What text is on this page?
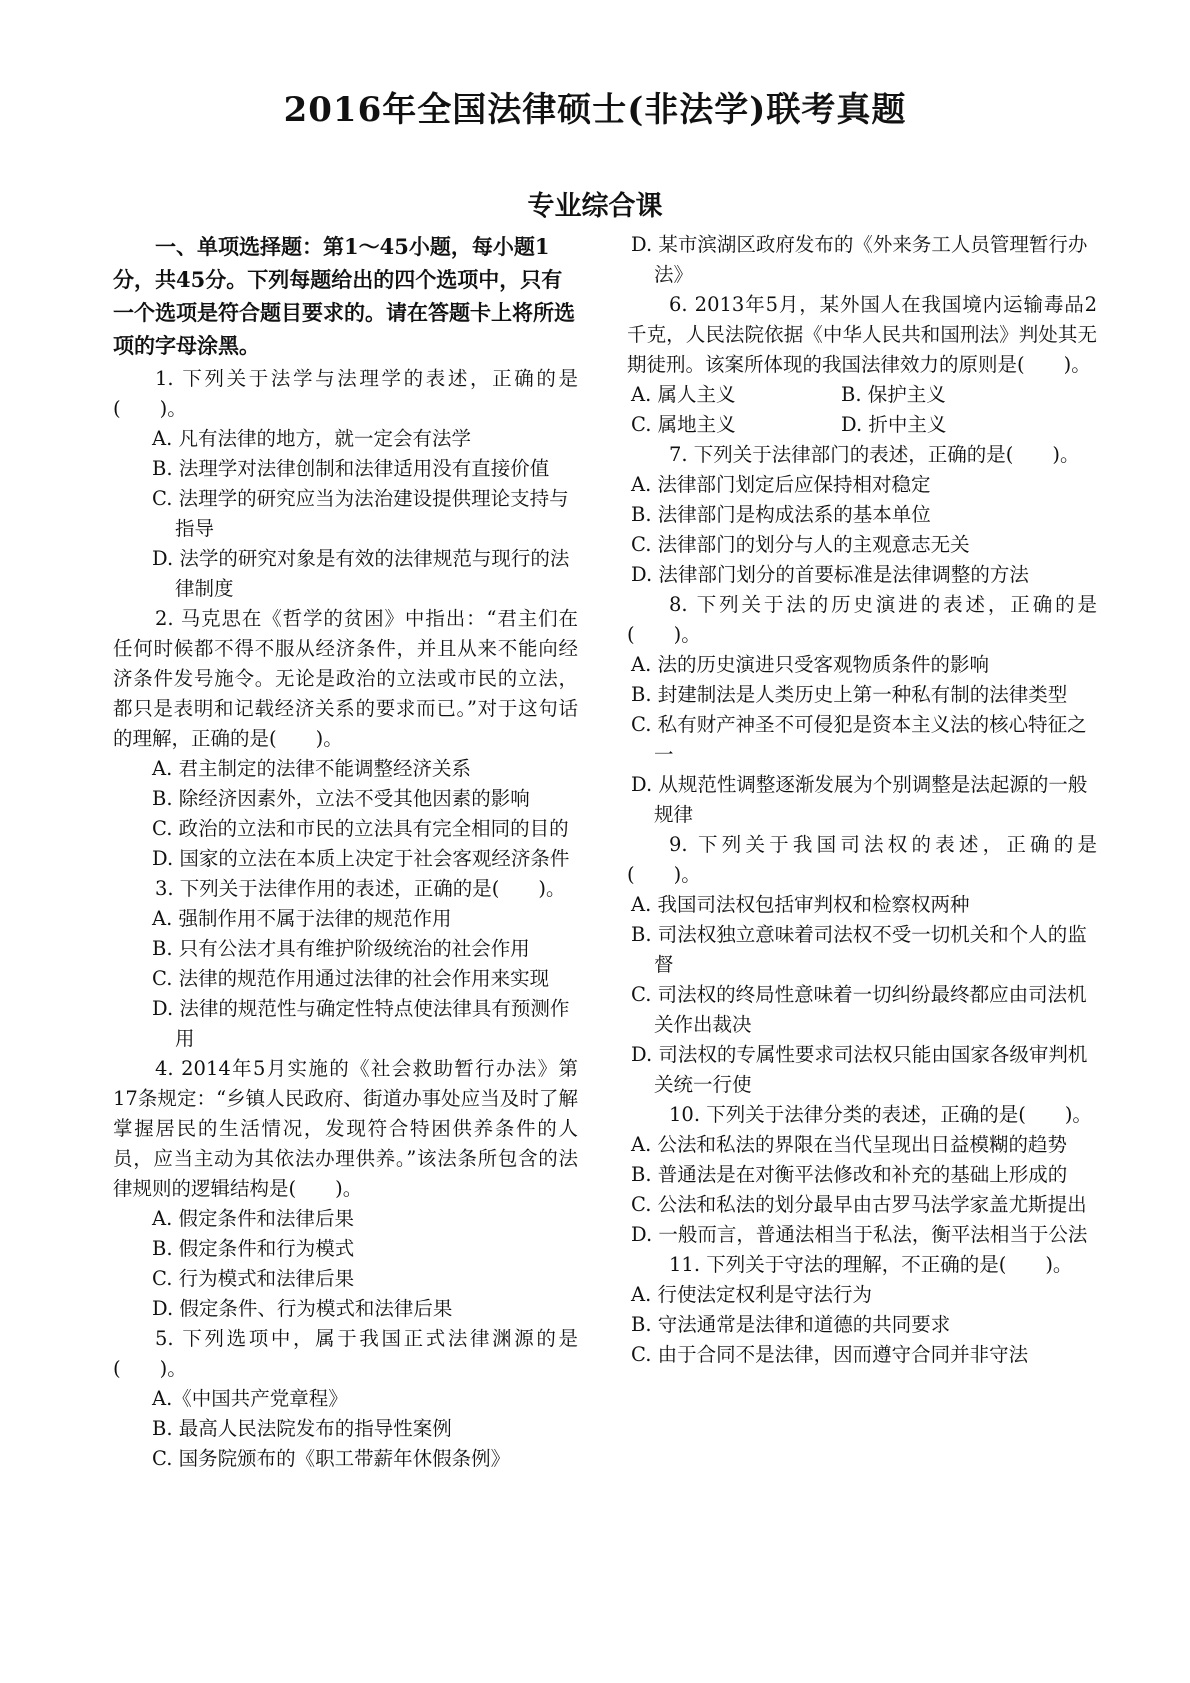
2016年全国法律硕士(非法学)联考真题
专业综合课

一、单项选择题：第1～45小题，每小题1分，共45分。下列每题给出的四个选项中，只有一个选项是符合题目要求的。请在答题卡上将所选项的字母涂黑。

1. 下列关于法学与法理学的表述，正确的是(　　)。

A. 凡有法律的地方，就一定会有法学

B. 法理学对法律创制和法律适用没有直接价值

C. 法理学的研究应当为法治建设提供理论支持与指导

D. 法学的研究对象是有效的法律规范与现行的法律制度

2. 马克思在《哲学的贫困》中指出：“君主们在任何时候都不得不服从经济条件，并且从来不能向经济条件发号施令。无论是政治的立法或市民的立法，都只是表明和记载经济关系的要求而已。”对于这句话的理解，正确的是(　　)。

A. 君主制定的法律不能调整经济关系

B. 除经济因素外，立法不受其他因素的影响

C. 政治的立法和市民的立法具有完全相同的目的

D. 国家的立法在本质上决定于社会客观经济条件

3. 下列关于法律作用的表述，正确的是(　　)。

A. 强制作用不属于法律的规范作用

B. 只有公法才具有维护阶级统治的社会作用

C. 法律的规范作用通过法律的社会作用来实现

D. 法律的规范性与确定性特点使法律具有预测作用

4. 2014年5月实施的《社会救助暂行办法》第17条规定：“乡镇人民政府、街道办事处应当及时了解掌握居民的生活情况，发现符合特困供养条件的人员，应当主动为其依法办理供养。”该法条所包含的法律规则的逻辑结构是(　　)。

A. 假定条件和法律后果

B. 假定条件和行为模式

C. 行为模式和法律后果

D. 假定条件、行为模式和法律后果

5. 下列选项中，属于我国正式法律渊源的是(　　)。

A.《中国共产党章程》

B. 最高人民法院发布的指导性案例

C. 国务院颁布的《职工带薪年休假条例》

D. 某市滨湖区政府发布的《外来务工人员管理暂行办法》

6. 2013年5月，某外国人在我国境内运输毒品2千克，人民法院依据《中华人民共和国刑法》判处其无期徒刑。该案所体现的我国法律效力的原则是(　　)。

A. 属人主义	B. 保护主义
C. 属地主义	D. 折中主义

7. 下列关于法律部门的表述，正确的是(　　)。

A. 法律部门划定后应保持相对稳定

B. 法律部门是构成法系的基本单位

C. 法律部门的划分与人的主观意志无关

D. 法律部门划分的首要标准是法律调整的方法

8. 下列关于法的历史演进的表述，正确的是(　　)。

A. 法的历史演进只受客观物质条件的影响

B. 封建制法是人类历史上第一种私有制的法律类型

C. 私有财产神圣不可侵犯是资本主义法的核心特征之一

D. 从规范性调整逐渐发展为个别调整是法起源的一般规律

9. 下列关于我国司法权的表述，正确的是(　　)。

A. 我国司法权包括审判权和检察权两种

B. 司法权独立意味着司法权不受一切机关和个人的监督

C. 司法权的终局性意味着一切纠纷最终都应由司法机关作出裁决

D. 司法权的专属性要求司法权只能由国家各级审判机关统一行使

10. 下列关于法律分类的表述，正确的是(　　)。

A. 公法和私法的界限在当代呈现出日益模糊的趋势

B. 普通法是在对衡平法修改和补充的基础上形成的

C. 公法和私法的划分最早由古罗马法学家盖尤斯提出

D. 一般而言，普通法相当于私法，衡平法相当于公法

11. 下列关于守法的理解，不正确的是(　　)。

A. 行使法定权利是守法行为

B. 守法通常是法律和道德的共同要求

C. 由于合同不是法律，因而遵守合同并非守法
